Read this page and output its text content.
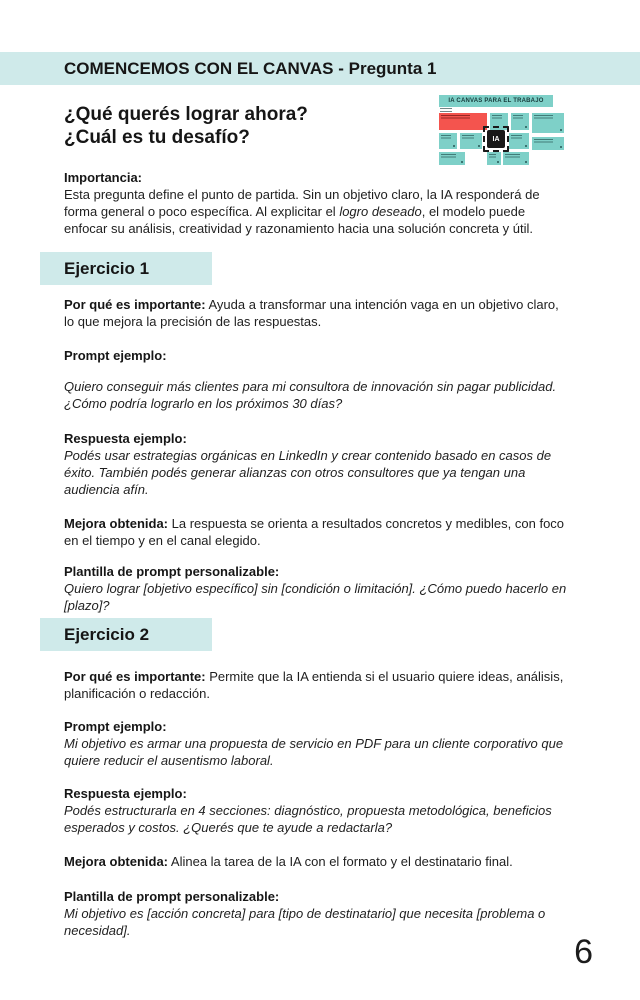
COMENCEMOS CON EL CANVAS - Pregunta 1
¿Qué querés lograr ahora?
¿Cuál es tu desafío?
IA CANVAS PARA EL TRABAJO
IA

Importancia:
Esta pregunta define el punto de partida. Sin un objetivo claro, la IA responderá de forma general o poco específica. Al explicitar el logro deseado, el modelo puede enfocar su análisis, creatividad y razonamiento hacia una solución concreta y útil.

Ejercicio 1

Por qué es importante: Ayuda a transformar una intención vaga en un objetivo claro, lo que mejora la precisión de las respuestas.

Prompt ejemplo:

Quiero conseguir más clientes para mi consultora de innovación sin pagar publicidad. ¿Cómo podría lograrlo en los próximos 30 días?

Respuesta ejemplo:

Podés usar estrategias orgánicas en LinkedIn y crear contenido basado en casos de éxito. También podés generar alianzas con otros consultores que ya tengan una audiencia afín.

Mejora obtenida: La respuesta se orienta a resultados concretos y medibles, con foco en el tiempo y en el canal elegido.

Plantilla de prompt personalizable:

Quiero lograr [objetivo específico] sin [condición o limitación]. ¿Cómo puedo hacerlo en [plazo]?

Ejercicio 2

Por qué es importante: Permite que la IA entienda si el usuario quiere ideas, análisis, planificación o redacción.

Prompt ejemplo:

Mi objetivo es armar una propuesta de servicio en PDF para un cliente corporativo que quiere reducir el ausentismo laboral.

Respuesta ejemplo:

Podés estructurarla en 4 secciones: diagnóstico, propuesta metodológica, beneficios esperados y costos. ¿Querés que te ayude a redactarla?

Mejora obtenida: Alinea la tarea de la IA con el formato y el destinatario final.

Plantilla de prompt personalizable:

Mi objetivo es [acción concreta] para [tipo de destinatario] que necesita [problema o necesidad].

6
